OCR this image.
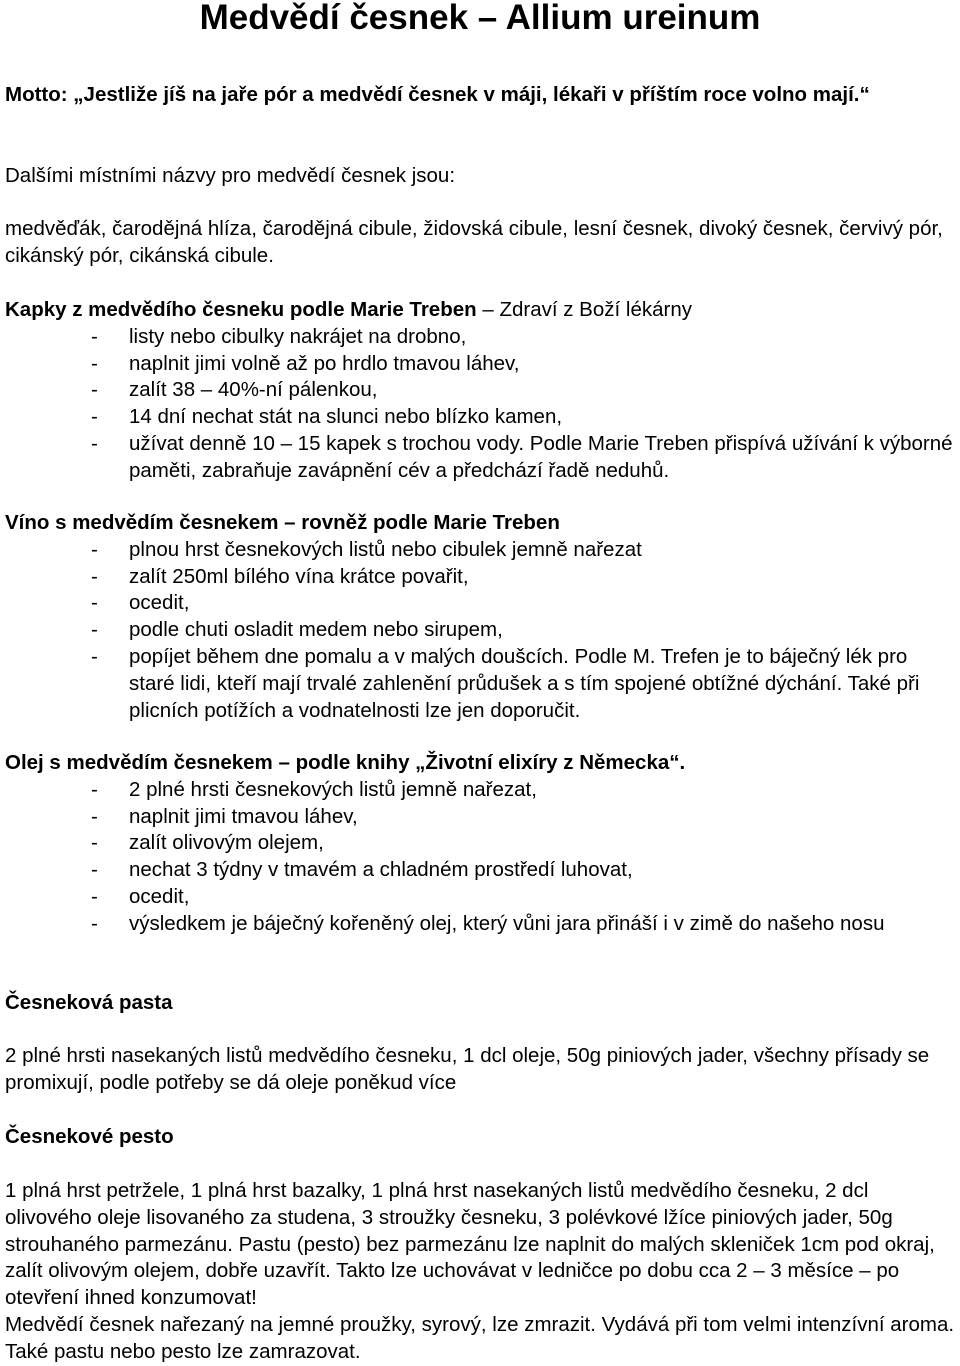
Medvědí česnek – Allium ureinum

Motto: „Jestliže jíš na jaře pór a medvědí česnek v máji, lékaři v příštím roce volno mají.“

Dalšími místními názvy pro medvědí česnek jsou:

medvěďák, čarodějná hlíza, čarodějná cibule, židovská cibule, lesní česnek, divoký česnek, červivý pór, cikánský pór, cikánská cibule.

Kapky z medvědího česneku podle Marie Treben – Zdraví z Boží lékárny

- listy nebo cibulky nakrájet na drobno,
- naplnit jimi volně až po hrdlo tmavou láhev,
- zalít 38 – 40%-ní pálenkou,
- 14 dní nechat stát na slunci nebo blízko kamen,
- užívat denně 10 – 15 kapek s trochou vody. Podle Marie Treben přispívá užívání k výborné paměti, zabraňuje zavápnění cév a předchází řadě neduhů.

Víno s medvědím česnekem – rovněž podle Marie Treben

- plnou hrst česnekových listů nebo cibulek jemně nařezat
- zalít 250ml bílého vína krátce povařit,
- ocedit,
- podle chuti osladit medem nebo sirupem,
- popíjet během dne pomalu a v malých doušcích. Podle M. Trefen je to báječný lék pro staré lidi, kteří mají trvalé zahlenění průdušek a s tím spojené obtížné dýchání. Také při plicních potížích a vodnatelnosti lze jen doporučit.

Olej s medvědím česnekem – podle knihy „Životní elixíry z Německa“.

- 2 plné hrsti česnekových listů jemně nařezat,
- naplnit jimi tmavou láhev,
- zalít olivovým olejem,
- nechat 3 týdny v tmavém a chladném prostředí luhovat,
- ocedit,
- výsledkem je báječný kořeněný olej, který vůni jara přináší i v zimě do našeho nosu

Česneková pasta

2 plné hrsti nasekaných listů medvědího česneku, 1 dcl oleje, 50g piniových jader, všechny přísady se promixují, podle potřeby se dá oleje poněkud více

Česnekové pesto

1 plná hrst petržele, 1 plná hrst bazalky, 1 plná hrst nasekaných listů medvědího česneku, 2 dcl olivového oleje lisovaného za studena, 3 stroužky česneku, 3 polévkové lžíce piniových jader, 50g strouhaného parmezánu. Pastu (pesto) bez parmezánu lze naplnit do malých skleniček 1cm pod okraj, zalít olivovým olejem, dobře uzavřít. Takto lze uchovávat v ledničce po dobu cca 2 – 3 měsíce – po otevření ihned konzumovat!

Medvědí česnek nařezaný na jemné proužky, syrový, lze zmrazit. Vydává při tom velmi intenzívní aroma. Také pastu nebo pesto lze zamrazovat.
